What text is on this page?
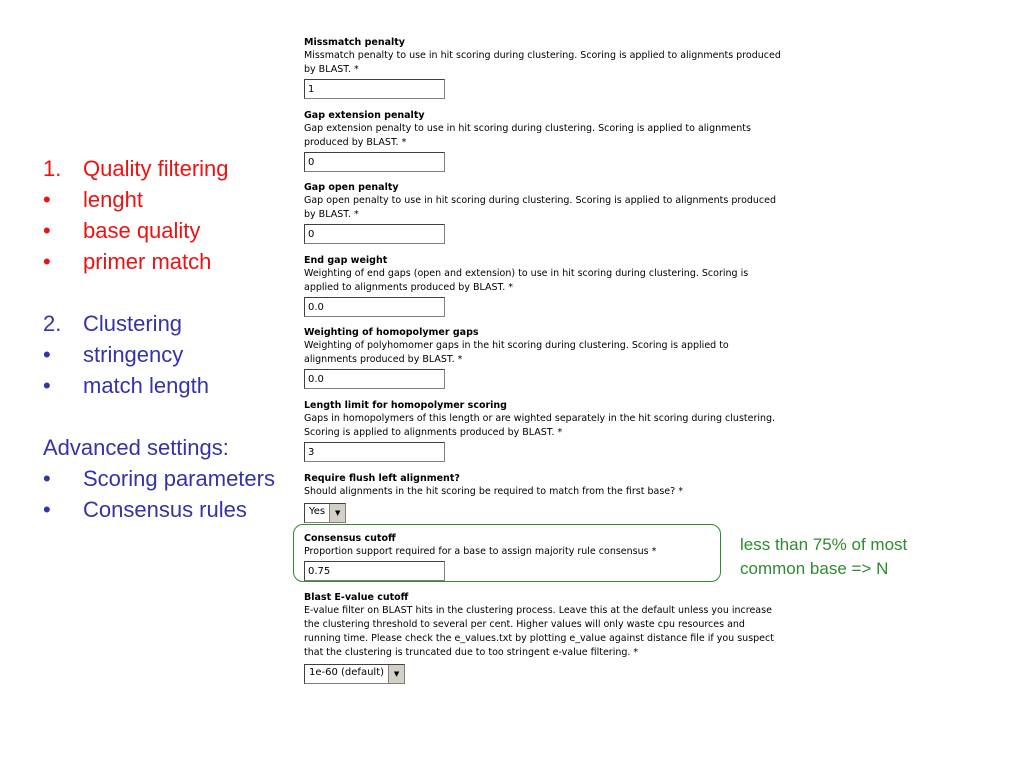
1. Quality filtering
•	lenght
•	base quality
•	primer match
2. Clustering
•	stringency
•	match length
Advanced settings:
•	Scoring parameters
•	Consensus rules
Missmatch penalty
Missmatch penalty to use in hit scoring during clustering. Scoring is applied to alignments produced by BLAST. *
1
Gap extension penalty
Gap extension penalty to use in hit scoring during clustering. Scoring is applied to alignments produced by BLAST. *
0
Gap open penalty
Gap open penalty to use in hit scoring during clustering. Scoring is applied to alignments produced by BLAST. *
0
End gap weight
Weighting of end gaps (open and extension) to use in hit scoring during clustering. Scoring is applied to alignments produced by BLAST. *
0.0
Weighting of homopolymer gaps
Weighting of polyhomomer gaps in the hit scoring during clustering. Scoring is applied to alignments produced by BLAST. *
0.0
Length limit for homopolymer scoring
Gaps in homopolymers of this length or are wighted separately in the hit scoring during clustering. Scoring is applied to alignments produced by BLAST. *
3
Require flush left alignment?
Should alignments in the hit scoring be required to match from the first base? *
Yes	▼
Consensus cutoff
Proportion support required for a base to assign majority rule consensus *
0.75
Blast E-value cutoff
E-value filter on BLAST hits in the clustering process. Leave this at the default unless you increase the clustering threshold to several per cent. Higher values will only waste cpu resources and running time. Please check the e_values.txt by plotting e_value against distance file if you suspect that the clustering is truncated due to too stringent e-value filtering. *
1e-60 (default)	▼
less than 75% of most common base => N
